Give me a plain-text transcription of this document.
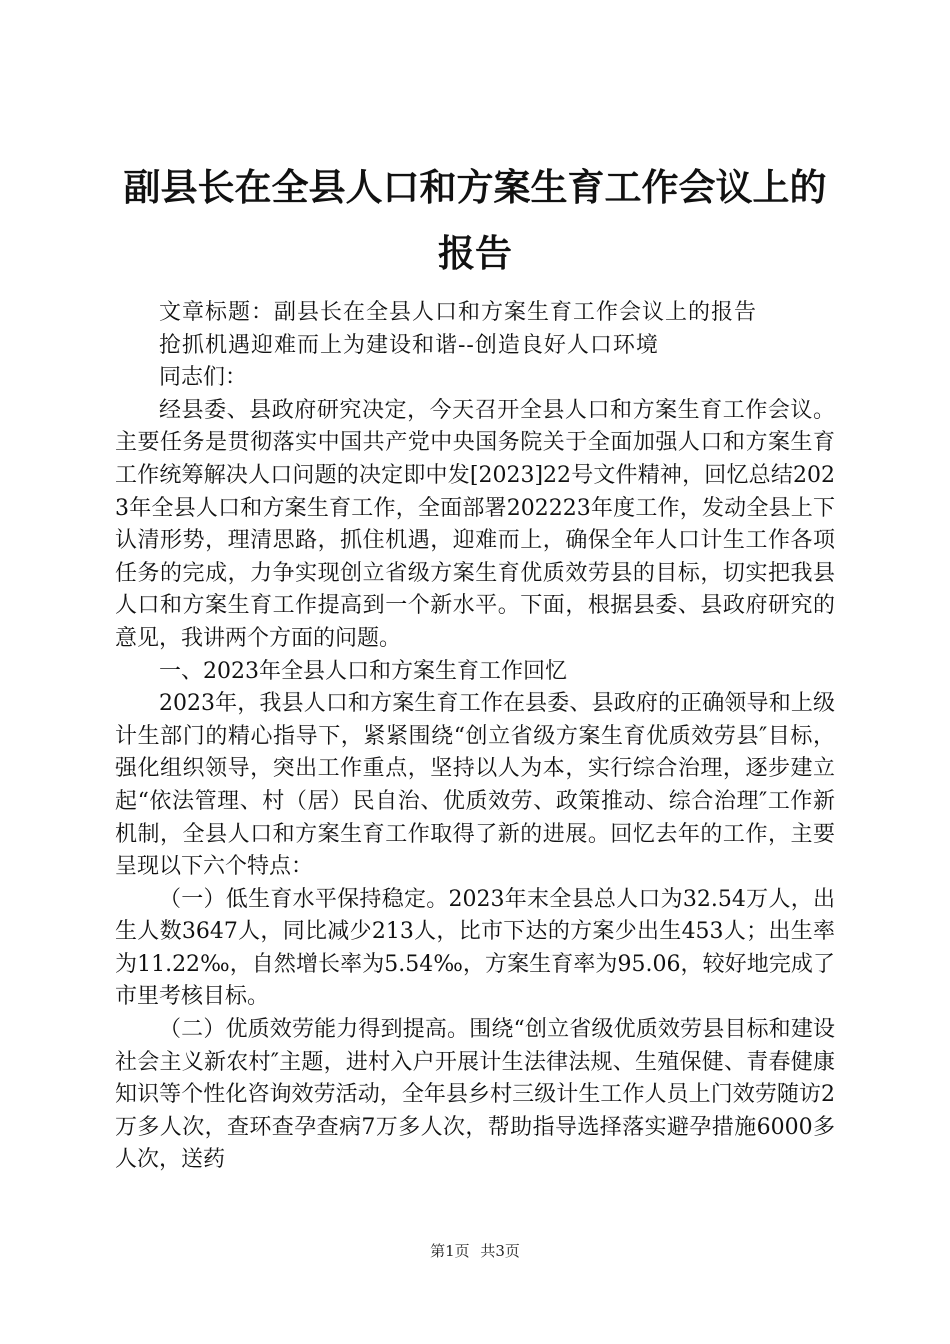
副县长在全县人口和方案生育工作会议上的报告

文章标题：副县长在全县人口和方案生育工作会议上的报告

抢抓机遇迎难而上为建设和谐--创造良好人口环境

同志们：

经县委、县政府研究决定，今天召开全县人口和方案生育工作会议。主要任务是贯彻落实中国共产党中央国务院关于全面加强人口和方案生育工作统筹解决人口问题的决定即中发[2023]22号文件精神，回忆总结2023年全县人口和方案生育工作，全面部署202223年度工作，发动全县上下认清形势，理清思路，抓住机遇，迎难而上，确保全年人口计生工作各项任务的完成，力争实现创立省级方案生育优质效劳县的目标，切实把我县人口和方案生育工作提高到一个新水平。下面，根据县委、县政府研究的意见，我讲两个方面的问题。

一、2023年全县人口和方案生育工作回忆

2023年，我县人口和方案生育工作在县委、县政府的正确领导和上级计生部门的精心指导下，紧紧围绕“创立省级方案生育优质效劳县″目标，强化组织领导，突出工作重点，坚持以人为本，实行综合治理，逐步建立起“依法管理、村（居）民自治、优质效劳、政策推动、综合治理″工作新机制，全县人口和方案生育工作取得了新的进展。回忆去年的工作，主要呈现以下六个特点：

（一）低生育水平保持稳定。2023年末全县总人口为32.54万人，出生人数3647人，同比减少213人，比市下达的方案少出生453人；出生率为11.22‰，自然增长率为5.54‰，方案生育率为95.06，较好地完成了市里考核目标。

（二）优质效劳能力得到提高。围绕“创立省级优质效劳县目标和建设社会主义新农村″主题，进村入户开展计生法律法规、生殖保健、青春健康知识等个性化咨询效劳活动，全年县乡村三级计生工作人员上门效劳随访2万多人次，查环查孕查病7万多人次，帮助指导选择落实避孕措施6000多人次，送药

第1页 共3页
